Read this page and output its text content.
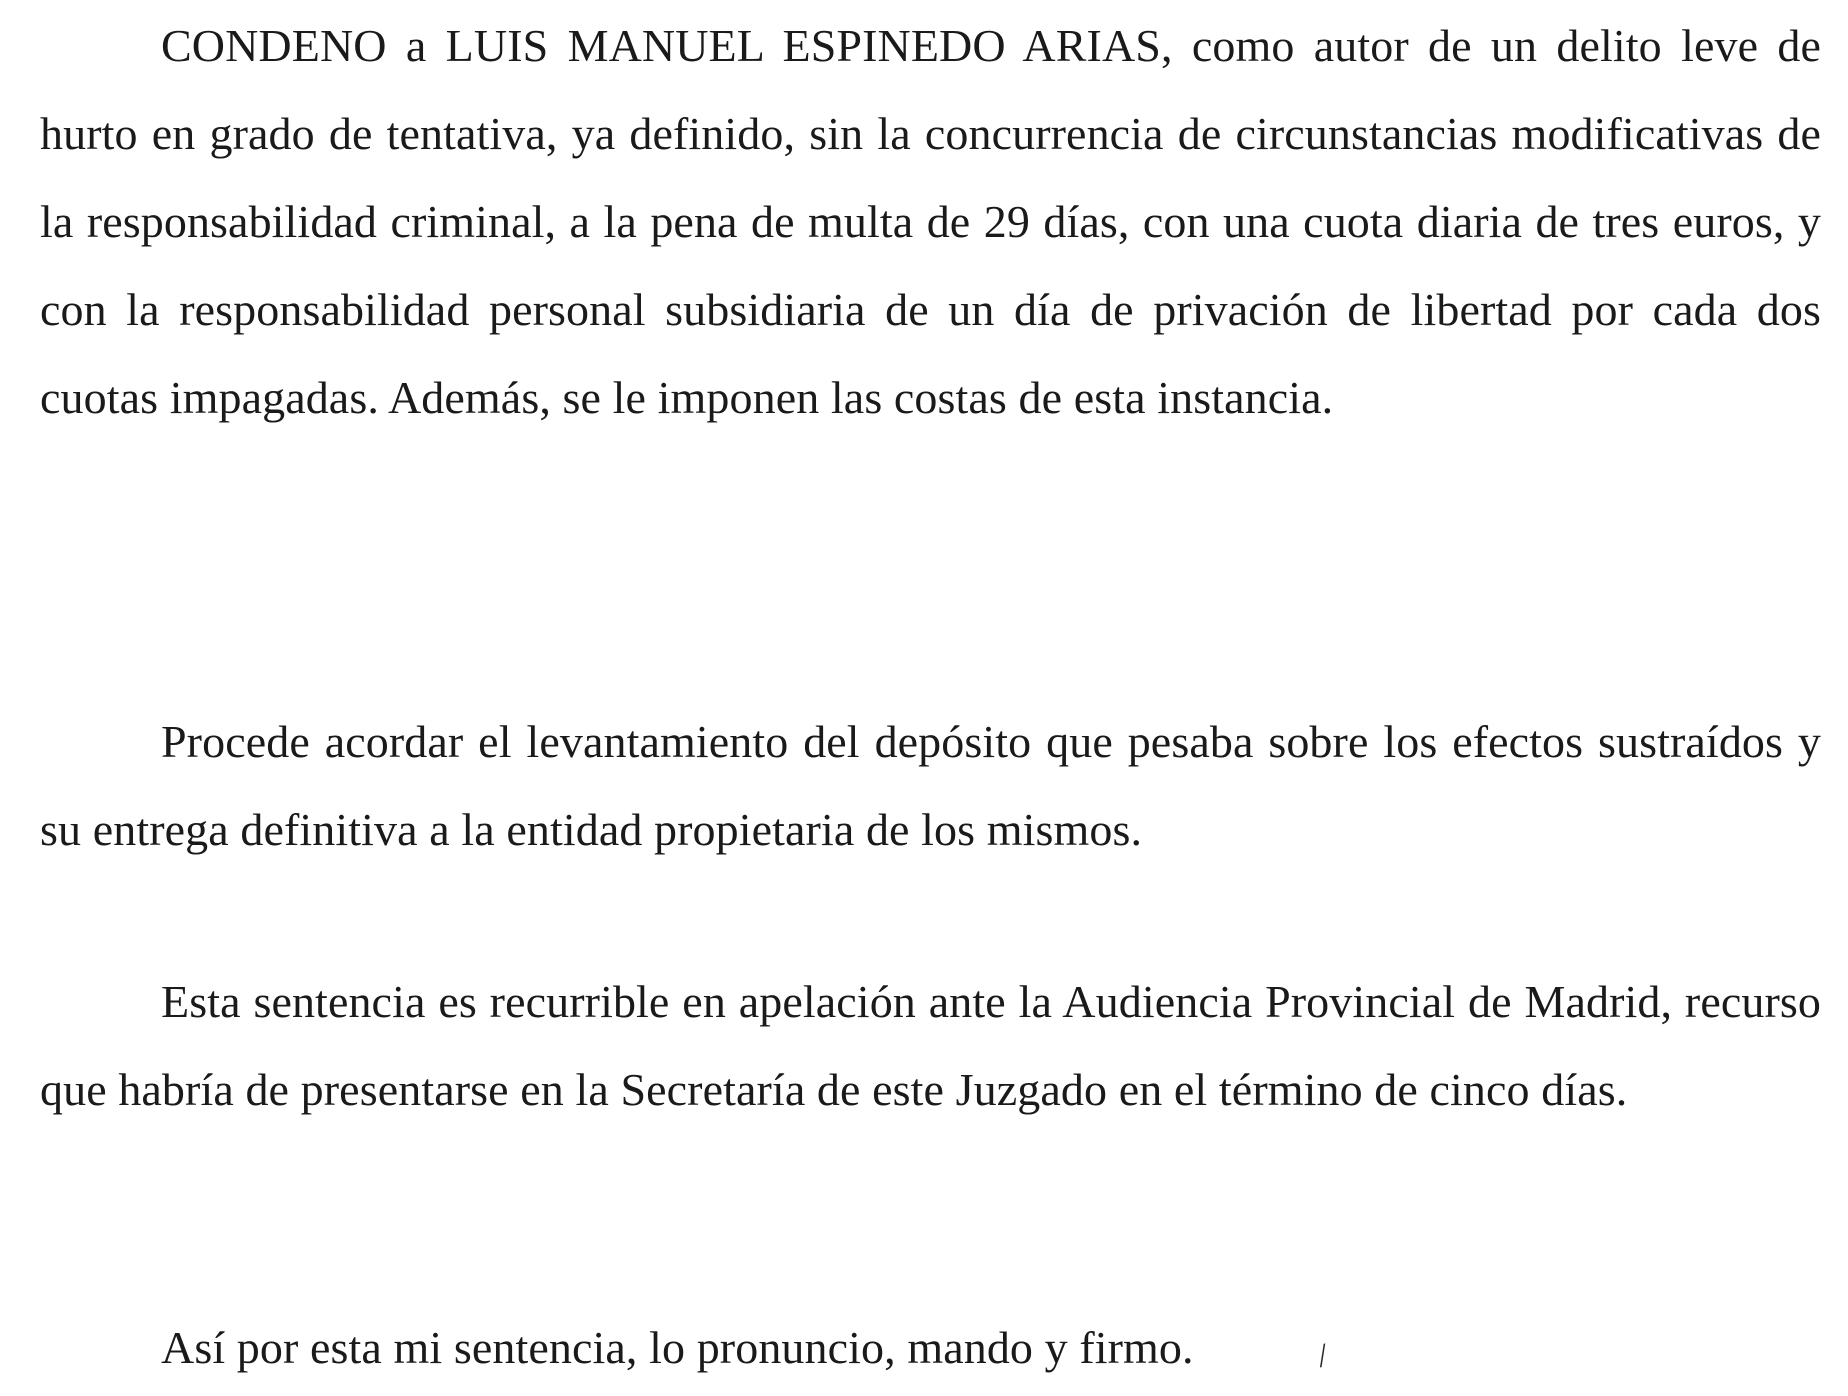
CONDENO a LUIS MANUEL ESPINEDO ARIAS, como autor de un delito leve de hurto en grado de tentativa, ya definido, sin la concurrencia de circunstancias modificativas de la responsabilidad criminal, a la pena de multa de 29 días, con una cuota diaria de tres euros, y con la responsabilidad personal subsidiaria de un día de privación de libertad por cada dos cuotas impagadas. Además, se le imponen las costas de esta instancia.

Procede acordar el levantamiento del depósito que pesaba sobre los efectos sustraídos y su entrega definitiva a la entidad propietaria de los mismos.

Esta sentencia es recurrible en apelación ante la Audiencia Provincial de Madrid, recurso que habría de presentarse en la Secretaría de este Juzgado en el término de cinco días.

Así por esta mi sentencia, lo pronuncio, mando y firmo.	/
